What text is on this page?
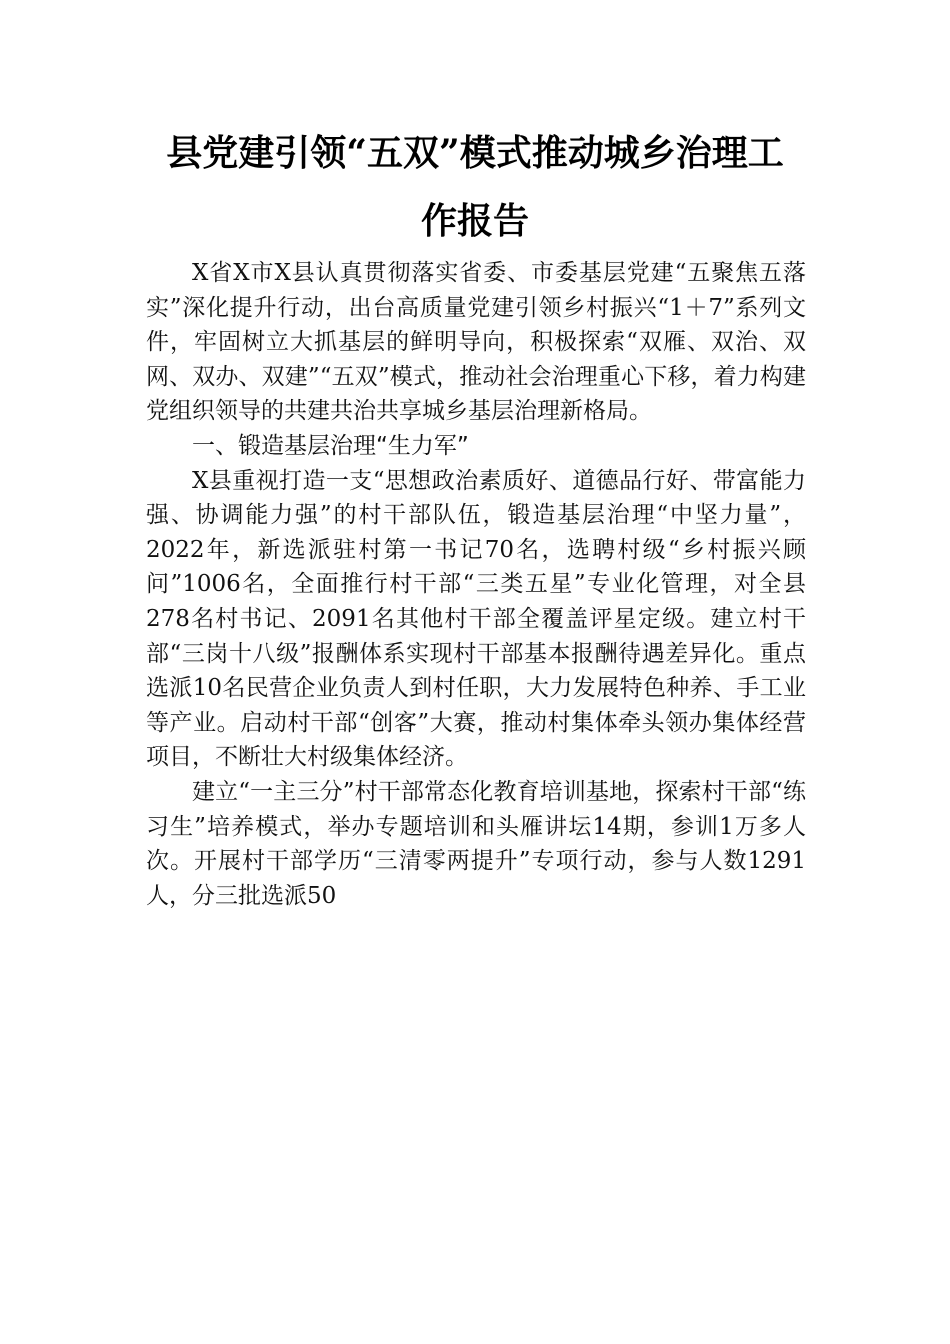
县党建引领“五双”模式推动城乡治理工
作报告

X省X市X县认真贯彻落实省委、市委基层党建“五聚焦五落实”深化提升行动，出台高质量党建引领乡村振兴“1＋7”系列文件，牢固树立大抓基层的鲜明导向，积极探索“双雁、双治、双网、双办、双建”“五双”模式，推动社会治理重心下移，着力构建党组织领导的共建共治共享城乡基层治理新格局。

一、锻造基层治理“生力军”

X县重视打造一支“思想政治素质好、道德品行好、带富能力强、协调能力强”的村干部队伍，锻造基层治理“中坚力量”，2022年，新选派驻村第一书记70名，选聘村级“乡村振兴顾问”1006名，全面推行村干部“三类五星”专业化管理，对全县278名村书记、2091名其他村干部全覆盖评星定级。建立村干部“三岗十八级”报酬体系实现村干部基本报酬待遇差异化。重点选派10名民营企业负责人到村任职，大力发展特色种养、手工业等产业。启动村干部“创客”大赛，推动村集体牵头领办集体经营项目，不断壮大村级集体经济。

建立“一主三分”村干部常态化教育培训基地，探索村干部“练习生”培养模式，举办专题培训和头雁讲坛14期，参训1万多人次。开展村干部学历“三清零两提升”专项行动，参与人数1291人，分三批选派50
